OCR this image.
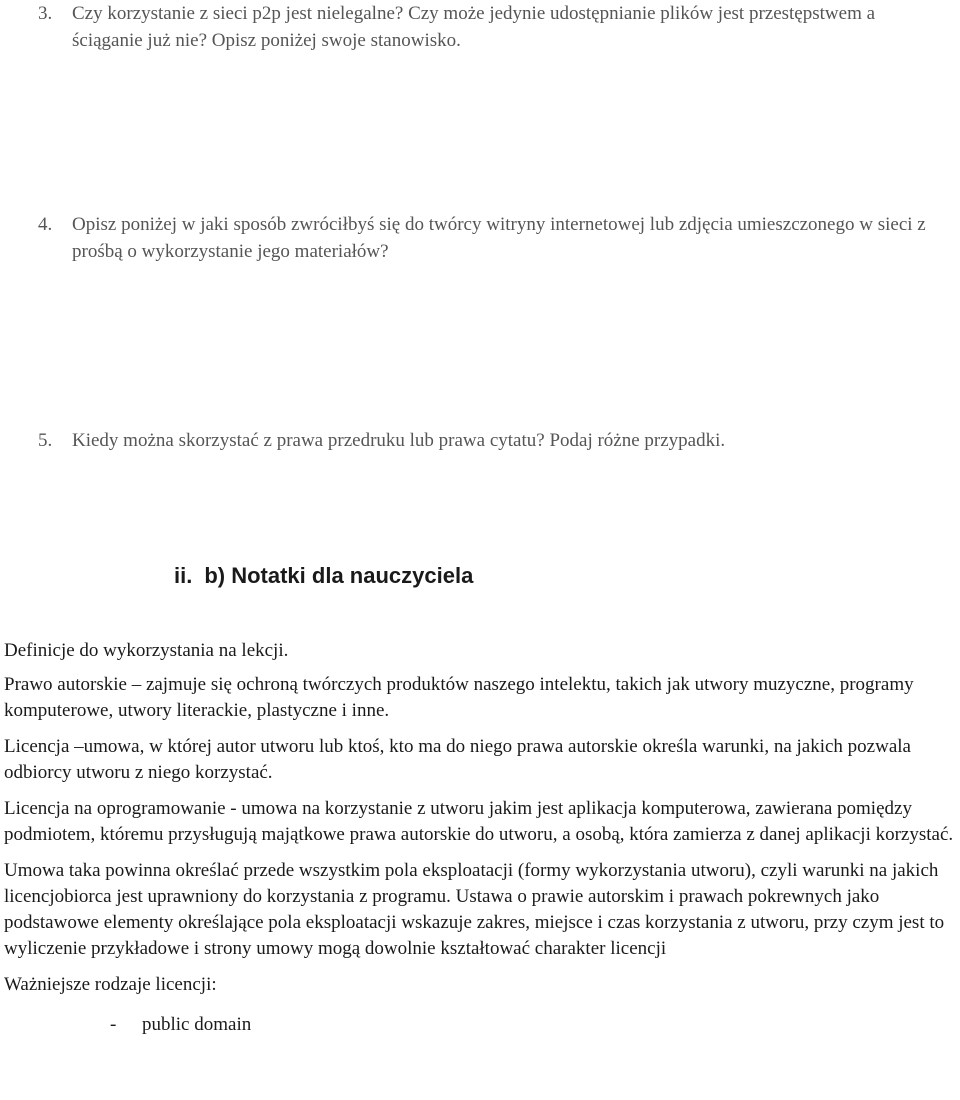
3. Czy korzystanie z sieci p2p jest nielegalne? Czy może jedynie udostępnianie plików jest przestępstwem a ściąganie już nie? Opisz poniżej swoje stanowisko.
4. Opisz poniżej w jaki sposób zwróciłbyś się do twórcy witryny internetowej lub zdjęcia umieszczonego w sieci z prośbą o wykorzystanie jego materiałów?
5. Kiedy można skorzystać z prawa przedruku lub prawa cytatu? Podaj różne przypadki.
ii. b) Notatki dla nauczyciela

Definicje do wykorzystania na lekcji.

Prawo autorskie – zajmuje się ochroną twórczych produktów naszego intelektu, takich jak utwory muzyczne, programy komputerowe, utwory literackie, plastyczne i inne.

Licencja –umowa, w której autor utworu lub ktoś, kto ma do niego prawa autorskie określa warunki, na jakich pozwala odbiorcy utworu z niego korzystać.

Licencja na oprogramowanie - umowa na korzystanie z utworu jakim jest aplikacja komputerowa, zawierana pomiędzy podmiotem, któremu przysługują majątkowe prawa autorskie do utworu, a osobą, która zamierza z danej aplikacji korzystać.

Umowa taka powinna określać przede wszystkim pola eksploatacji (formy wykorzystania utworu), czyli warunki na jakich licencjobiorca jest uprawniony do korzystania z programu. Ustawa o prawie autorskim i prawach pokrewnych jako podstawowe elementy określające pola eksploatacji wskazuje zakres, miejsce i czas korzystania z utworu, przy czym jest to wyliczenie przykładowe i strony umowy mogą dowolnie kształtować charakter licencji

Ważniejsze rodzaje licencji:

- public domain
